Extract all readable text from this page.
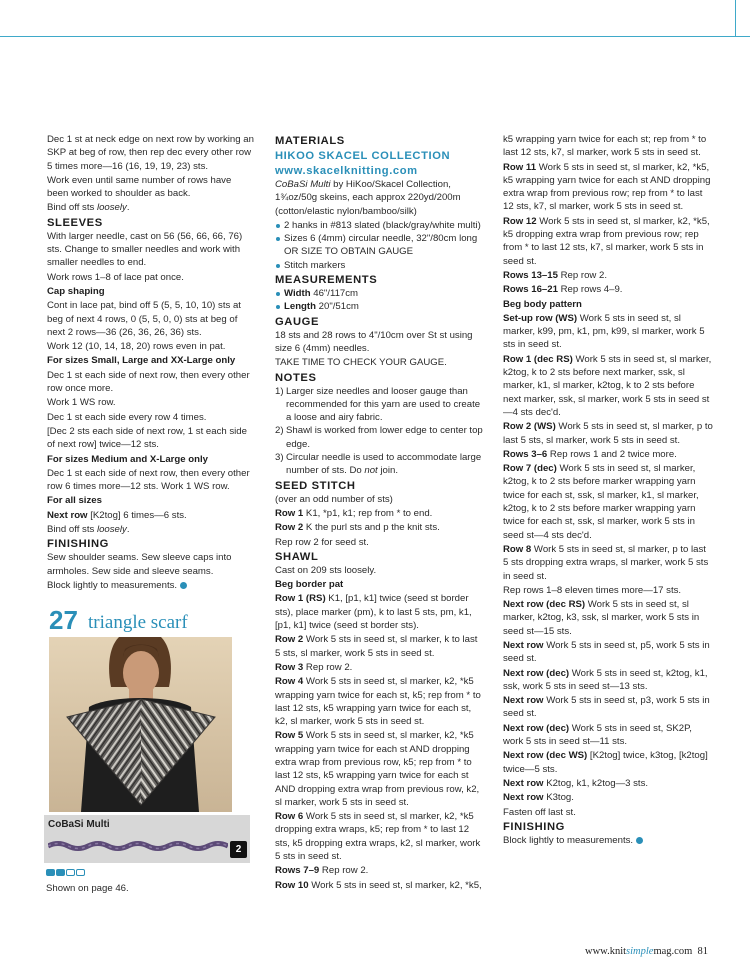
Dec 1 st at neck edge on next row by working an SKP at beg of row, then rep dec every other row 5 times more—16 (16, 19, 19, 23) sts.

Work even until same number of rows have been worked to shoulder as back.

Bind off sts loosely.

SLEEVES

With larger needle, cast on 56 (56, 66, 66, 76) sts. Change to smaller needles and work with smaller needles to end.

Work rows 1–8 of lace pat once.

Cap shaping

Cont in lace pat, bind off 5 (5, 5, 10, 10) sts at beg of next 4 rows, 0 (5, 5, 0, 0) sts at beg of next 2 rows—36 (26, 36, 26, 36) sts.

Work 12 (10, 14, 18, 20) rows even in pat.

For sizes Small, Large and XX-Large only

Dec 1 st each side of next row, then every other row once more.

Work 1 WS row.

Dec 1 st each side every row 4 times.

[Dec 2 sts each side of next row, 1 st each side of next row] twice—12 sts.

For sizes Medium and X-Large only

Dec 1 st each side of next row, then every other row 6 times more—12 sts. Work 1 WS row.

For all sizes

Next row [K2tog] 6 times—6 sts.

Bind off sts loosely.

FINISHING

Sew shoulder seams. Sew sleeve caps into armholes. Sew side and sleeve seams.

Block lightly to measurements.

27 triangle scarf
CoBaSi Multi
2
Shown on page 46.
MATERIALS
HIKOO SKACEL COLLECTION
www.skacelknitting.com

CoBaSi Multi by HiKoo/Skacel Collection, 1¾oz/50g skeins, each approx 220yd/200m (cotton/elastic nylon/bamboo/silk)

2 hanks in #813 slated (black/gray/white multi)
Sizes 6 (4mm) circular needle, 32"/80cm long OR SIZE TO OBTAIN GAUGE
Stitch markers
MEASUREMENTS
Width 46"/117cm
Length 20"/51cm
GAUGE

18 sts and 28 rows to 4"/10cm over St st using size 6 (4mm) needles.

TAKE TIME TO CHECK YOUR GAUGE.

NOTES
1) Larger size needles and looser gauge than recommended for this yarn are used to create a loose and airy fabric.
2) Shawl is worked from lower edge to center top edge.
3) Circular needle is used to accommodate large number of sts. Do not join.
SEED STITCH

(over an odd number of sts)

Row 1 K1, *p1, k1; rep from * to end.

Row 2 K the purl sts and p the knit sts.

Rep row 2 for seed st.

SHAWL

Cast on 209 sts loosely.

Beg border pat

Row 1 (RS) K1, [p1, k1] twice (seed st border sts), place marker (pm), k to last 5 sts, pm, k1, [p1, k1] twice (seed st border sts).

Row 2 Work 5 sts in seed st, sl marker, k to last 5 sts, sl marker, work 5 sts in seed st.

Row 3 Rep row 2.

Row 4 Work 5 sts in seed st, sl marker, k2, *k5 wrapping yarn twice for each st, k5; rep from * to last 12 sts, k5 wrapping yarn twice for each st, k2, sl marker, work 5 sts in seed st.

Row 5 Work 5 sts in seed st, sl marker, k2, *k5 wrapping yarn twice for each st AND dropping extra wrap from previous row, k5; rep from * to last 12 sts, k5 wrapping yarn twice for each st AND dropping extra wrap from previous row, k2, sl marker, work 5 sts in seed st.

Row 6 Work 5 sts in seed st, sl marker, k2, *k5 dropping extra wraps, k5; rep from * to last 12 sts, k5 dropping extra wraps, k2, sl marker, work 5 sts in seed st.

Rows 7–9 Rep row 2.

Row 10 Work 5 sts in seed st, sl marker, k2, *k5,

k5 wrapping yarn twice for each st; rep from * to last 12 sts, k7, sl marker, work 5 sts in seed st.

Row 11 Work 5 sts in seed st, sl marker, k2, *k5, k5 wrapping yarn twice for each st AND dropping extra wrap from previous row; rep from * to last 12 sts, k7, sl marker, work 5 sts in seed st.

Row 12 Work 5 sts in seed st, sl marker, k2, *k5, k5 dropping extra wrap from previous row; rep from * to last 12 sts, k7, sl marker, work 5 sts in seed st.

Rows 13–15 Rep row 2.

Rows 16–21 Rep rows 4–9.

Beg body pattern

Set-up row (WS) Work 5 sts in seed st, sl marker, k99, pm, k1, pm, k99, sl marker, work 5 sts in seed st.

Row 1 (dec RS) Work 5 sts in seed st, sl marker, k2tog, k to 2 sts before next marker, ssk, sl marker, k1, sl marker, k2tog, k to 2 sts before next marker, ssk, sl marker, work 5 sts in seed st—4 sts dec'd.

Row 2 (WS) Work 5 sts in seed st, sl marker, p to last 5 sts, sl marker, work 5 sts in seed st.

Rows 3–6 Rep rows 1 and 2 twice more.

Row 7 (dec) Work 5 sts in seed st, sl marker, k2tog, k to 2 sts before marker wrapping yarn twice for each st, ssk, sl marker, k1, sl marker, k2tog, k to 2 sts before marker wrapping yarn twice for each st, ssk, sl marker, work 5 sts in seed st—4 sts dec'd.

Row 8 Work 5 sts in seed st, sl marker, p to last 5 sts dropping extra wraps, sl marker, work 5 sts in seed st.

Rep rows 1–8 eleven times more—17 sts.

Next row (dec RS) Work 5 sts in seed st, sl marker, k2tog, k3, ssk, sl marker, work 5 sts in seed st—15 sts.

Next row Work 5 sts in seed st, p5, work 5 sts in seed st.

Next row (dec) Work 5 sts in seed st, k2tog, k1, ssk, work 5 sts in seed st—13 sts.

Next row Work 5 sts in seed st, p3, work 5 sts in seed st.

Next row (dec) Work 5 sts in seed st, SK2P, work 5 sts in seed st—11 sts.

Next row (dec WS) [K2tog] twice, k3tog, [k2tog] twice—5 sts.

Next row K2tog, k1, k2tog—3 sts.

Next row K3tog.

Fasten off last st.

FINISHING

Block lightly to measurements.

www.knitsimplemag.com 81
